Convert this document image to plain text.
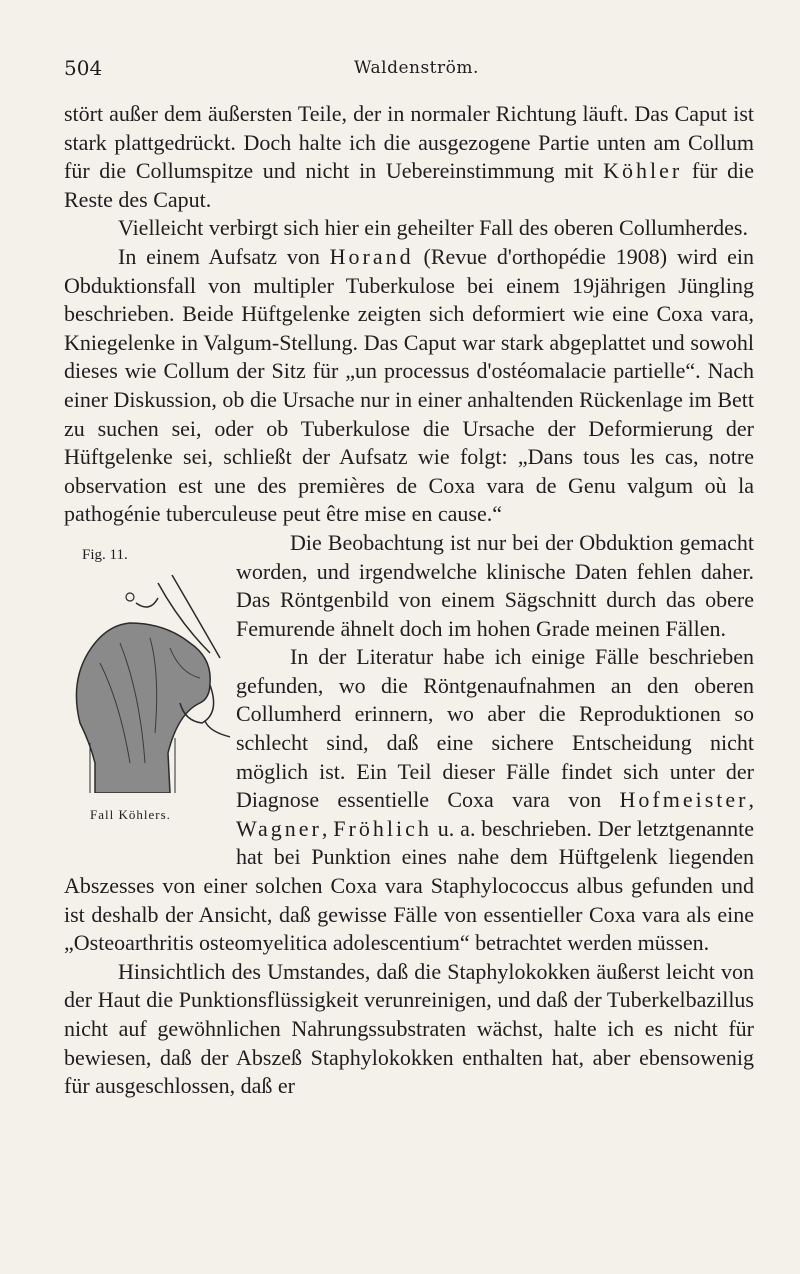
504	Waldenström.

stört außer dem äußersten Teile, der in normaler Richtung läuft. Das Caput ist stark plattgedrückt. Doch halte ich die ausgezogene Partie unten am Collum für die Collumspitze und nicht in Uebereinstimmung mit Köhler für die Reste des Caput.

Vielleicht verbirgt sich hier ein geheilter Fall des oberen Collumherdes.

In einem Aufsatz von Horand (Revue d'orthopédie 1908) wird ein Obduktionsfall von multipler Tuberkulose bei einem 19jährigen Jüngling beschrieben. Beide Hüftgelenke zeigten sich deformiert wie eine Coxa vara, Kniegelenke in Valgum-Stellung. Das Caput war stark abgeplattet und sowohl dieses wie Collum der Sitz für „un processus d'ostéomalacie partielle“. Nach einer Diskussion, ob die Ursache nur in einer anhaltenden Rückenlage im Bett zu suchen sei, oder ob Tuberkulose die Ursache der Deformierung der Hüftgelenke sei, schließt der Aufsatz wie folgt: „Dans tous les cas, notre observation est une des premières de Coxa vara de Genu valgum où la pathogénie tuberculeuse peut être mise en cause.“

Fig. 11.
Fall Köhlers.

Die Beobachtung ist nur bei der Obduktion gemacht worden, und irgendwelche klinische Daten fehlen daher. Das Röntgenbild von einem Sägschnitt durch das obere Femurende ähnelt doch im hohen Grade meinen Fällen.

In der Literatur habe ich einige Fälle beschrieben gefunden, wo die Röntgenaufnahmen an den oberen Collumherd erinnern, wo aber die Reproduktionen so schlecht sind, daß eine sichere Entscheidung nicht möglich ist. Ein Teil dieser Fälle findet sich unter der Diagnose essentielle Coxa vara von Hofmeister, Wagner, Fröhlich u. a. beschrieben. Der letztgenannte hat bei Punktion eines nahe dem Hüftgelenk liegenden Abszesses von einer solchen Coxa vara Staphylococcus albus gefunden und ist deshalb der Ansicht, daß gewisse Fälle von essentieller Coxa vara als eine „Osteoarthritis osteomyelitica adolescentium“ betrachtet werden müssen.

Hinsichtlich des Umstandes, daß die Staphylokokken äußerst leicht von der Haut die Punktionsflüssigkeit verunreinigen, und daß der Tuberkelbazillus nicht auf gewöhnlichen Nahrungssubstraten wächst, halte ich es nicht für bewiesen, daß der Abszeß Staphylokokken enthalten hat, aber ebensowenig für ausgeschlossen, daß er
